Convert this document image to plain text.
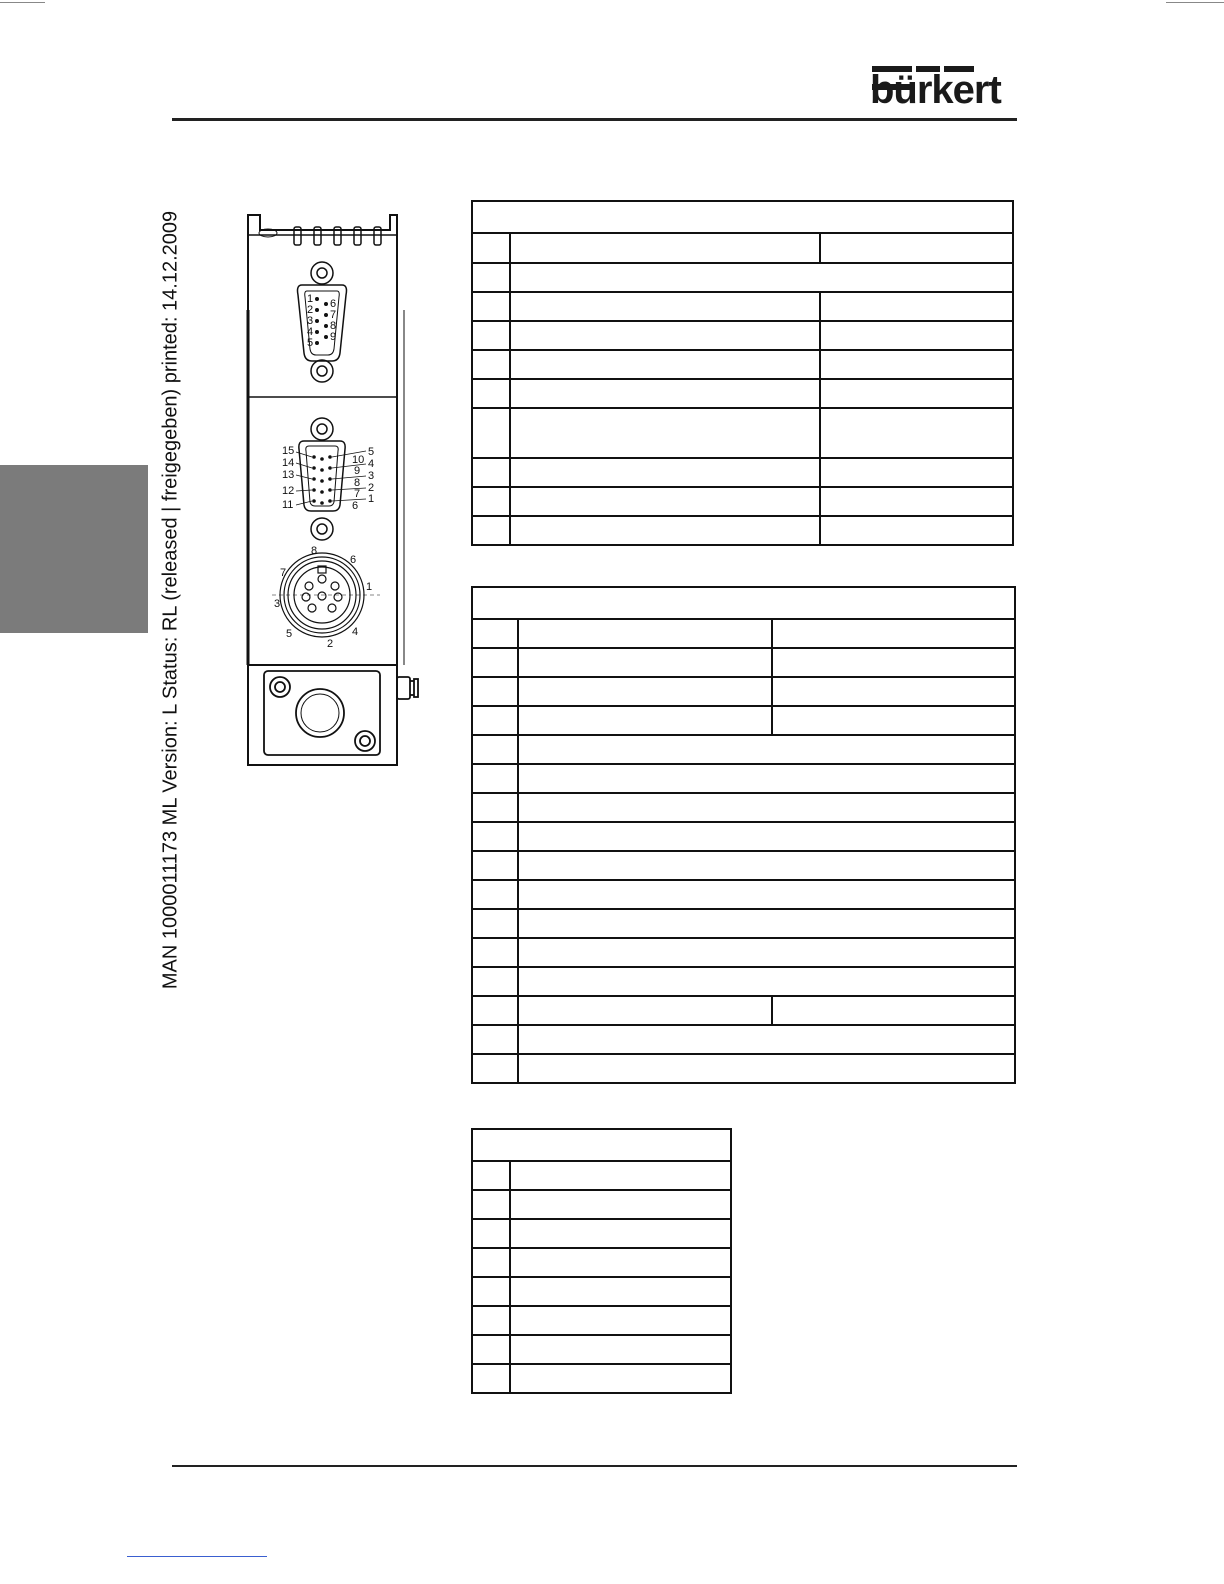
bürkert
MAN 1000011173 ML Version: L Status: RL (released | freigegeben) printed: 14.12.2009	1
2
3
4
5
6
7
8
9
15
14
13
12
11
5
10 4
9 3
8 2
7 1
6
8
6
7
1
3
5	4
2
